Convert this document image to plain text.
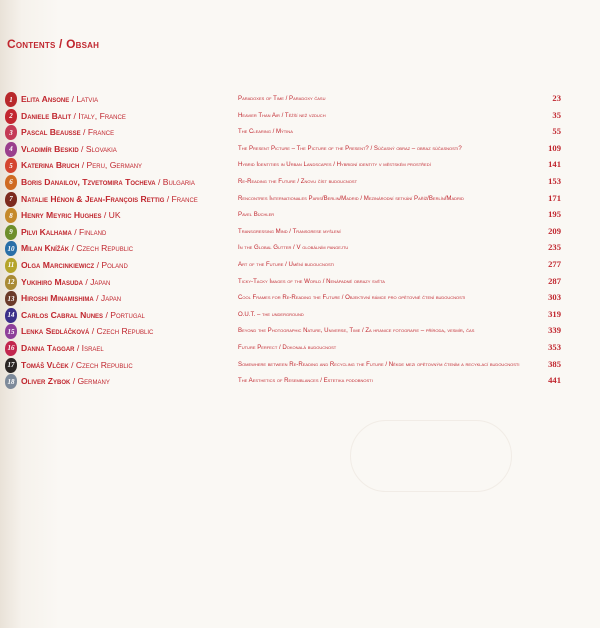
Contents / Obsah
1 Elita Ansone / Latvia	Paradoxes of Time / Paradoxy času	23
2 Daniele Balit / Italy, France	Heavier Than Air / Těžší než vzduch	35
3 Pascal Beausse / France	The Clearing / Mýtina	55
4 Vladimír Beskid / Slovakia	The Present Picture – The Picture of the Present? / Súčasný obraz – obraz súčasnosti?	109
5 Katerina Bruch / Peru, Germany	Hybrid Identities in Urban Landscapes / Hybridní identity v městském prostředí	141
6 Boris Danailov, Tzvetomira Tocheva / Bulgaria	Re-Reading the Future / Znovu číst budoucnost	153
7 Natalie Hénon & Jean-François Rettig / France	Rencontres Internationales Paris/Berlin/Madrid / Mezinárodní setkání Paříž/Berlín/Madrid	171
8 Henry Meyric Hughes / UK	Pavel Büchler	195
9 Pilvi Kalhama / Finland	Transgressing Mind / Transgrese myšlení	209
10 Milan Knížák / Czech Republic	In the Global Gutter / V globálním pangejtu	235
11 Olga Marcinkiewicz / Poland	Art of the Future / Umění budoucnosti	277
12 Yukihiro Masuda / Japan	Ticky-Tacky Images of the World / Nenápadné obrazy světa	287
13 Hiroshi Minamishima / Japan	Cool Frames for Re-Reading the Future / Objektivní rámce pro opětovné čtení budoucnosti	303
14 Carlos Cabral Nunes / Portugal	O.U.T. – the underground	319
15 Lenka Sedláčková / Czech Republic	Beyond the Photographic Nature, Universe, Time / Za hranice fotografie – příroda, vesmír, čas	339
16 Danna Taggar / Israel	Future Perfect / Dokonalá budoucnost	353
17 Tomáš Vlček / Czech Republic	Somewhere between Re-Reading and Recycling the Future / Někde mezi opětovným čtením a recyklací budoucnosti	385
18 Oliver Zybok / Germany	The Aesthetics of Resemblances / Estetika podobnosti	441
